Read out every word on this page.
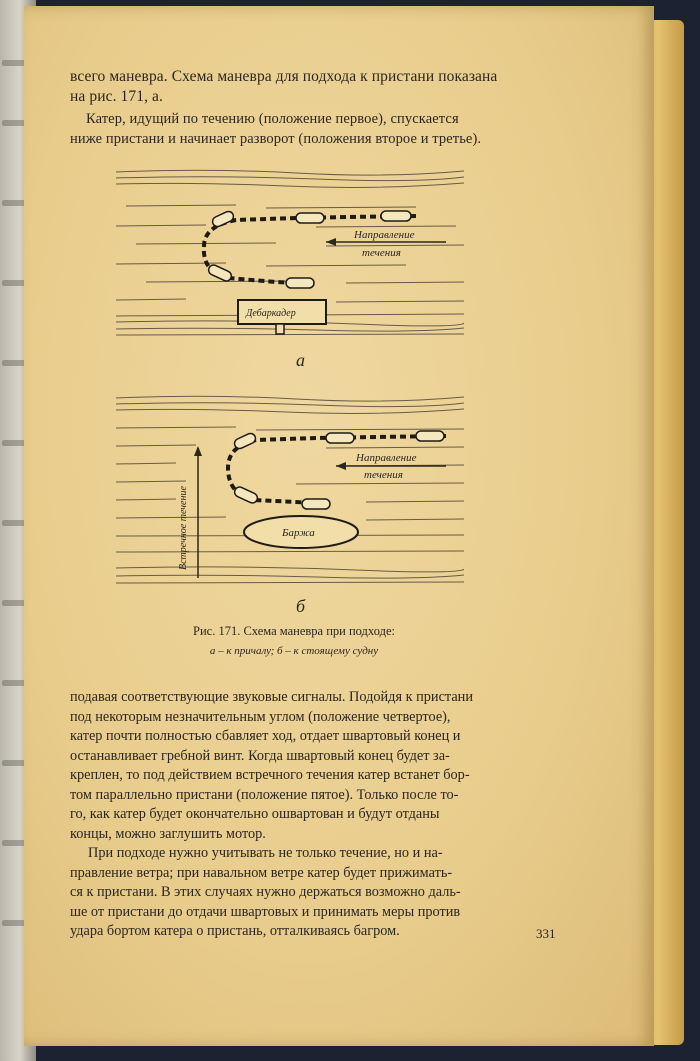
всего маневра. Схема маневра для подхода к пристани показана
на рис. 171, а.
Катер, идущий по течению (положение первое), спускается
ниже пристани и начинает разворот (положения второе и третье).
Направление
течения
Дебаркадер
а
Встречное течение
Направление
течения
Баржа
б
Рис. 171. Схема маневра при подходе:
а – к причалу; б – к стоящему судну
подавая соответствующие звуковые сигналы. Подойдя к пристани
под некоторым незначительным углом (положение четвертое),
катер почти полностью сбавляет ход, отдает швартовый конец и
останавливает гребной винт. Когда швартовый конец будет за-
креплен, то под действием встречного течения катер встанет бор-
том параллельно пристани (положение пятое). Только после то-
го, как катер будет окончательно ошвартован и будут отданы
концы, можно заглушить мотор.
При подходе нужно учитывать не только течение, но и на-
правление ветра; при навальном ветре катер будет прижимать-
ся к пристани. В этих случаях нужно держаться возможно даль-
ше от пристани до отдачи швартовых и принимать меры против
удара бортом катера о пристань, отталкиваясь багром.	331
